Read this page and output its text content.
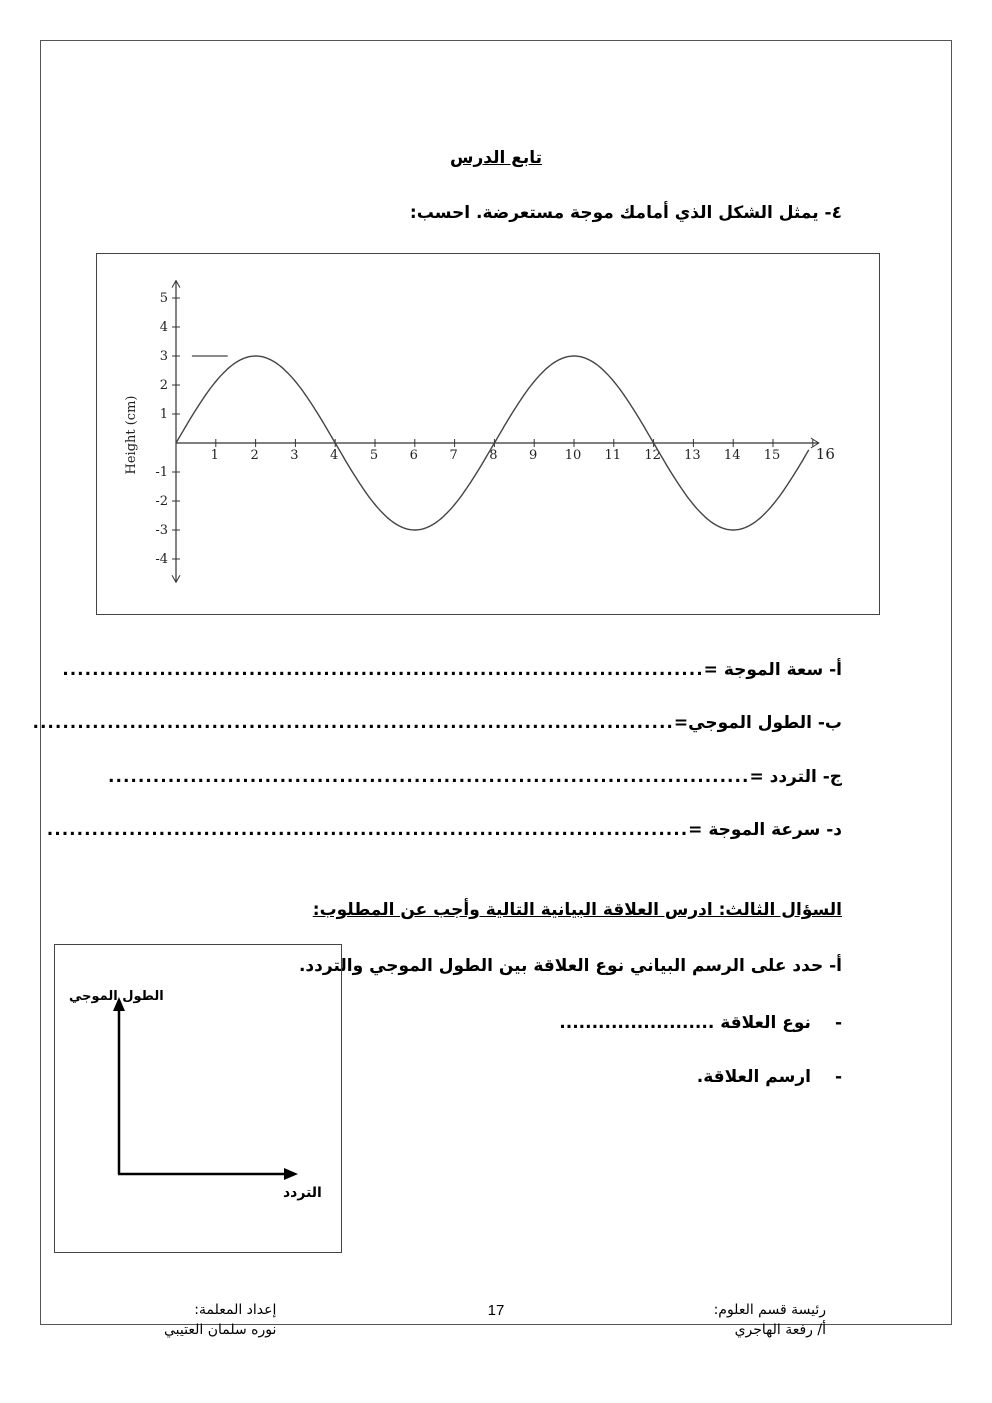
تابع الدرس
٤- يمثل الشكل الذي أمامك موجة مستعرضة. احسب:
1 2 3 4 5 6 7 8 9 10 11 12 13 14 15 16
-4
-3
-2
-1
1
2
3
4
5
Height (cm)
أ- سعة الموجة =
......................................................................................
ب- الطول الموجي=
......................................................................................
ج- التردد =
......................................................................................
د- سرعة الموجة =
......................................................................................
السؤال الثالث: ادرس العلاقة البيانية التالية وأجب عن المطلوب:
أ- حدد على الرسم البياني نوع العلاقة بين الطول الموجي والتردد.
-
نوع العلاقة ........................
-
ارسم العلاقة.
الطول الموجي
التردد
رئيسة قسم العلوم:
أ/ رفعة الهاجري
17
إعداد المعلمة:
نوره سلمان العتيبي
